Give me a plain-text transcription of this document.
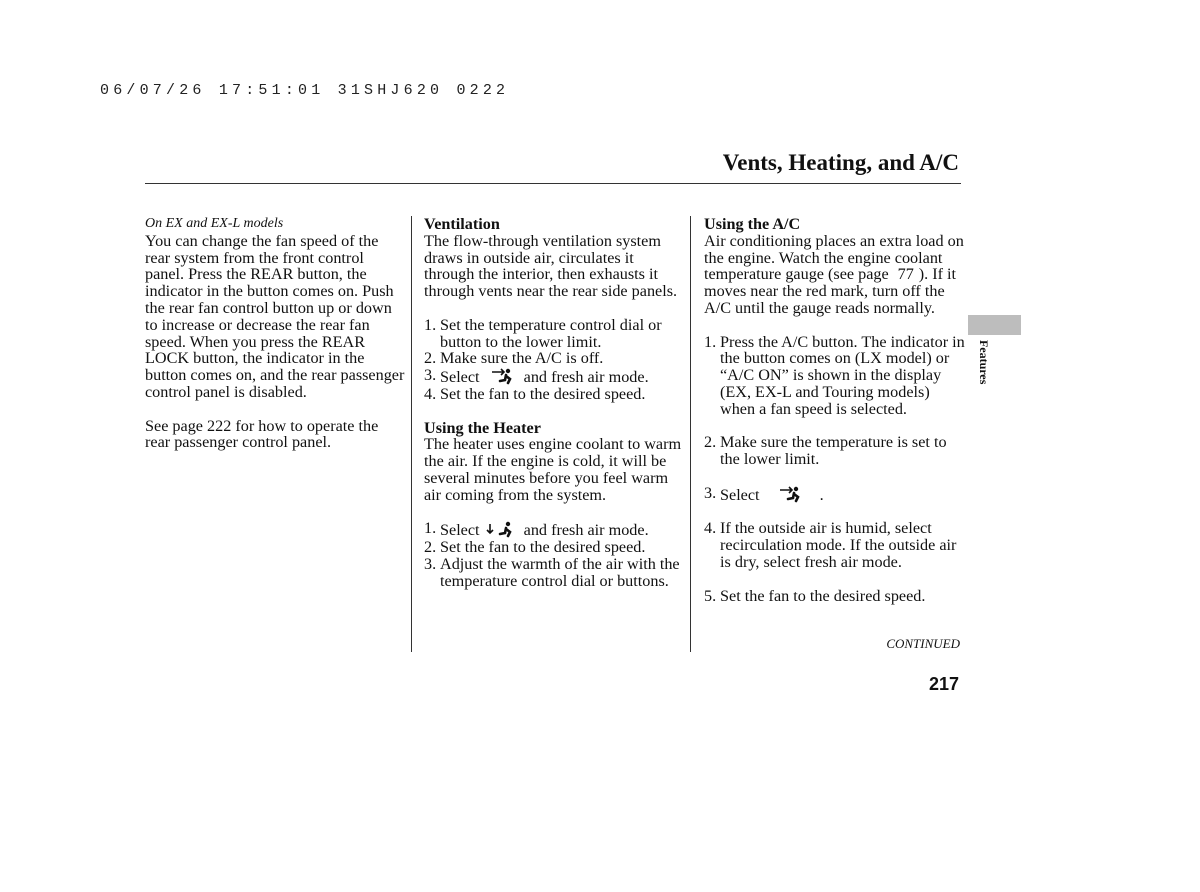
06/07/26 17:51:01 31SHJ620 0222
Vents, Heating, and A/C
On EX and EX-L models

You can change the fan speed of the rear system from the front control panel. Press the REAR button, the indicator in the button comes on. Push the rear fan control button up or down to increase or decrease the rear fan speed. When you press the REAR LOCK button, the indicator in the button comes on, and the rear passenger control panel is disabled.

See page 222 for how to operate the rear passenger control panel.

Ventilation

The flow-through ventilation system draws in outside air, circulates it through the interior, then exhausts it through vents near the rear side panels.

1. Set the temperature control dial or button to the lower limit.
2. Make sure the A/C is off.
3. Select	and fresh air mode.
4. Set the fan to the desired speed.
Using the Heater

The heater uses engine coolant to warm the air. If the engine is cold, it will be several minutes before you feel warm air coming from the system.

1. Select	and fresh air mode.
2. Set the fan to the desired speed.
3. Adjust the warmth of the air with the temperature control dial or buttons.
Using the A/C

Air conditioning places an extra load on the engine. Watch the engine coolant temperature gauge (see page 77 ). If it moves near the red mark, turn off the A/C until the gauge reads normally.

1. Press the A/C button. The indicator in the button comes on (LX model) or “A/C ON” is shown in the display (EX, EX-L and Touring models) when a fan speed is selected.
2. Make sure the temperature is set to the lower limit.
3. Select	.
4. If the outside air is humid, select recirculation mode. If the outside air is dry, select fresh air mode.
5. Set the fan to the desired speed.
CONTINUED
217
Features
